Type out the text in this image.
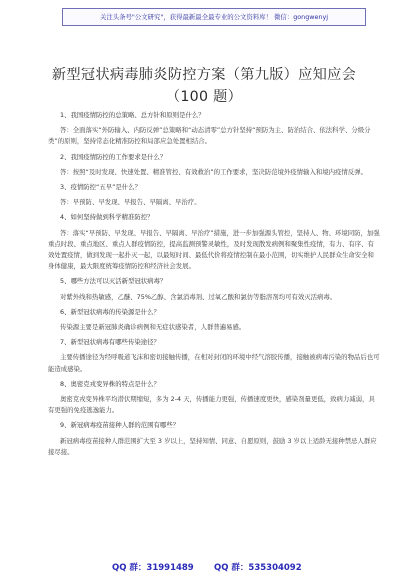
关注头条号"公文研究"，获得最新最全最专业的公文资料库！ 微信：gongwenyj
新型冠状病毒肺炎防控方案（第九版）应知应会
（100 题）

1、我国疫情防控的总策略、总方针和原则是什么？

答：全面落实“外防输入、内防反弹”总策略和“动态清零”总方针坚持“预防为主、防治结合、依法科学、分级分类”的原则，坚持常态化精准防控和局部应急处置相结合。

2、我国疫情防控的工作要求是什么？

答：按照“及时发现、快速处置、精准管控、有效救治”的工作要求，坚决防范境外疫情输入和境内疫情反弹。

3、疫情防控“五早”是什么？

答：早预防、早发现、早报告、早隔离、早治疗。

4、如何坚持做到科学精准防控？

答：落实“早预防、早发现、早报告、早隔离、早治疗”措施，进一步加强源头管控，坚持人、物、环境同防，加强重点时段、重点地区、重点人群疫情防控，提高监测预警灵敏性，及时发现散发病例和聚集性疫情，有力、有序、有效处置疫情，做到发现一起扑灭一起，以最短时间、最低代价将疫情控制在最小范围，切实维护人民群众生命安全和身体健康，最大限度统筹疫情防控和经济社会发展。

5、哪些方法可以灭活新型冠状病毒？

对紫外线和热敏感，乙醚、75%乙醇、含氯消毒剂、过氧乙酸和氯仿等脂溶剂均可有效灭活病毒。

6、新型冠状病毒的传染源是什么？

传染源主要是新冠肺炎确诊病例和无症状感染者，人群普遍易感。

7、新型冠状病毒有哪些传染途径？

主要传播途径为经呼吸道飞沫和密切接触传播，在相对封闭的环境中经气溶胶传播，接触被病毒污染的物品后也可能造成感染。

8、奥密克戎变异株的特点是什么？

奥密克戎变异株平均潜伏期缩短，多为 2-4 天，传播能力更强，传播速度更快，感染剂量更低，致病力减弱，具有更强的免疫逃逸能力。

9、新冠病毒疫苗接种人群的范围有哪些？

新冠病毒疫苗接种人群范围扩大至 3 岁以上，坚持知情、同意、自愿原则，鼓励 3 岁以上适龄无接种禁忌人群应接尽接。

QQ 群：31991489 QQ 群：535304092
